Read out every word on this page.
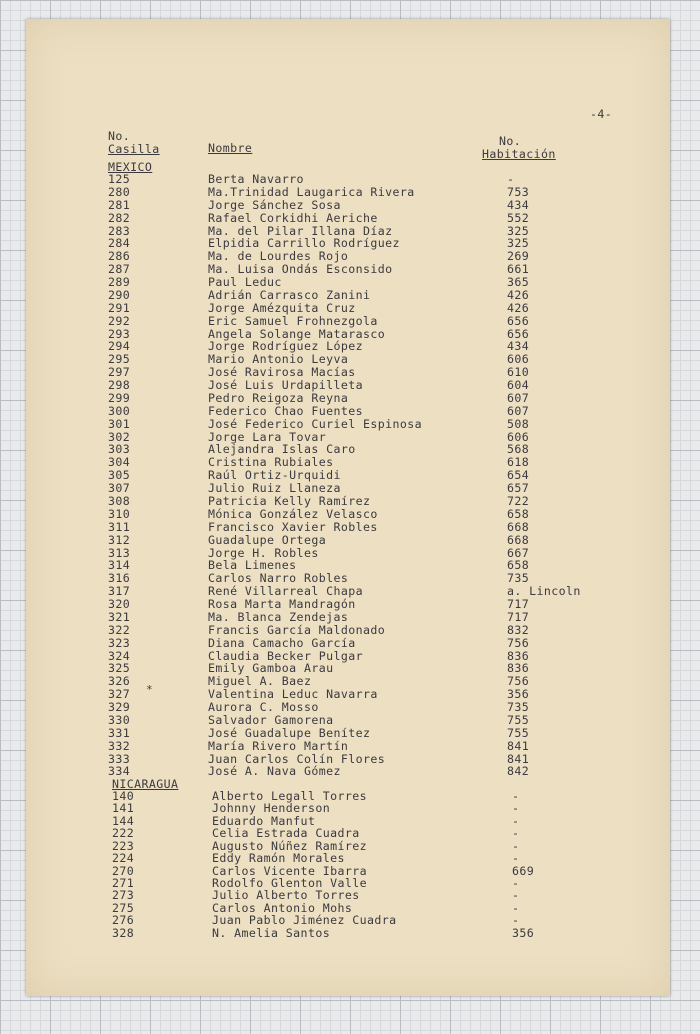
-4-
No.
Casilla	Nombre	No.
Habitación
MEXICO
125	Berta Navarro	-
280	Ma.Trinidad Laugarica Rivera	753
281	Jorge Sánchez Sosa	434
282	Rafael Corkidhi Aeriche	552
283	Ma. del Pilar Illana Díaz	325
284	Elpidia Carrillo Rodríguez	325
286	Ma. de Lourdes Rojo	269
287	Ma. Luisa Ondás Esconsido	661
289	Paul Leduc	365
290	Adrián Carrasco Zanini	426
291	Jorge Amézquita Cruz	426
292	Eric Samuel Frohnezgola	656
293	Angela Solange Matarasco	656
294	Jorge Rodríguez López	434
295	Mario Antonio Leyva	606
297	José Ravirosa Macías	610
298	José Luis Urdapilleta	604
299	Pedro Reigoza Reyna	607
300	Federico Chao Fuentes	607
301	José Federico Curiel Espinosa	508
302	Jorge Lara Tovar	606
303	Alejandra Islas Caro	568
304	Cristina Rubiales	618
305	Raúl Ortiz-Urquidi	654
307	Julio Ruiz Llaneza	657
308	Patricia Kelly Ramírez	722
310	Mónica González Velasco	658
311	Francisco Xavier Robles	668
312	Guadalupe Ortega	668
313	Jorge H. Robles	667
314	Bela Limenes	658
316	Carlos Narro Robles	735
317	René Villarreal Chapa	a. Lincoln
320	Rosa Marta Mandragón	717
321	Ma. Blanca Zendejas	717
322	Francis García Maldonado	832
323	Diana Camacho García	756
324	Claudia Becker Pulgar	836
325	Emily Gamboa Arau	836
326	Miguel A. Baez	756
327	Valentina Leduc Navarra	356
329	Aurora C. Mosso	735
330	Salvador Gamorena	755
331	José Guadalupe Benítez	755
332	María Rivero Martín	841
333	Juan Carlos Colín Flores	841
334	José A. Nava Gómez	842
NICARAGUA
140	Alberto Legall Torres	-
141	Johnny Henderson	-
144	Eduardo Manfut	-
222	Celia Estrada Cuadra	-
223	Augusto Núñez Ramírez	-
224	Eddy Ramón Morales	-
270	Carlos Vicente Ibarra	669
271	Rodolfo Glenton Valle	-
273	Julio Alberto Torres	-
275	Carlos Antonio Mohs	-
276	Juan Pablo Jiménez Cuadra	-
328	N. Amelia Santos	356
*
